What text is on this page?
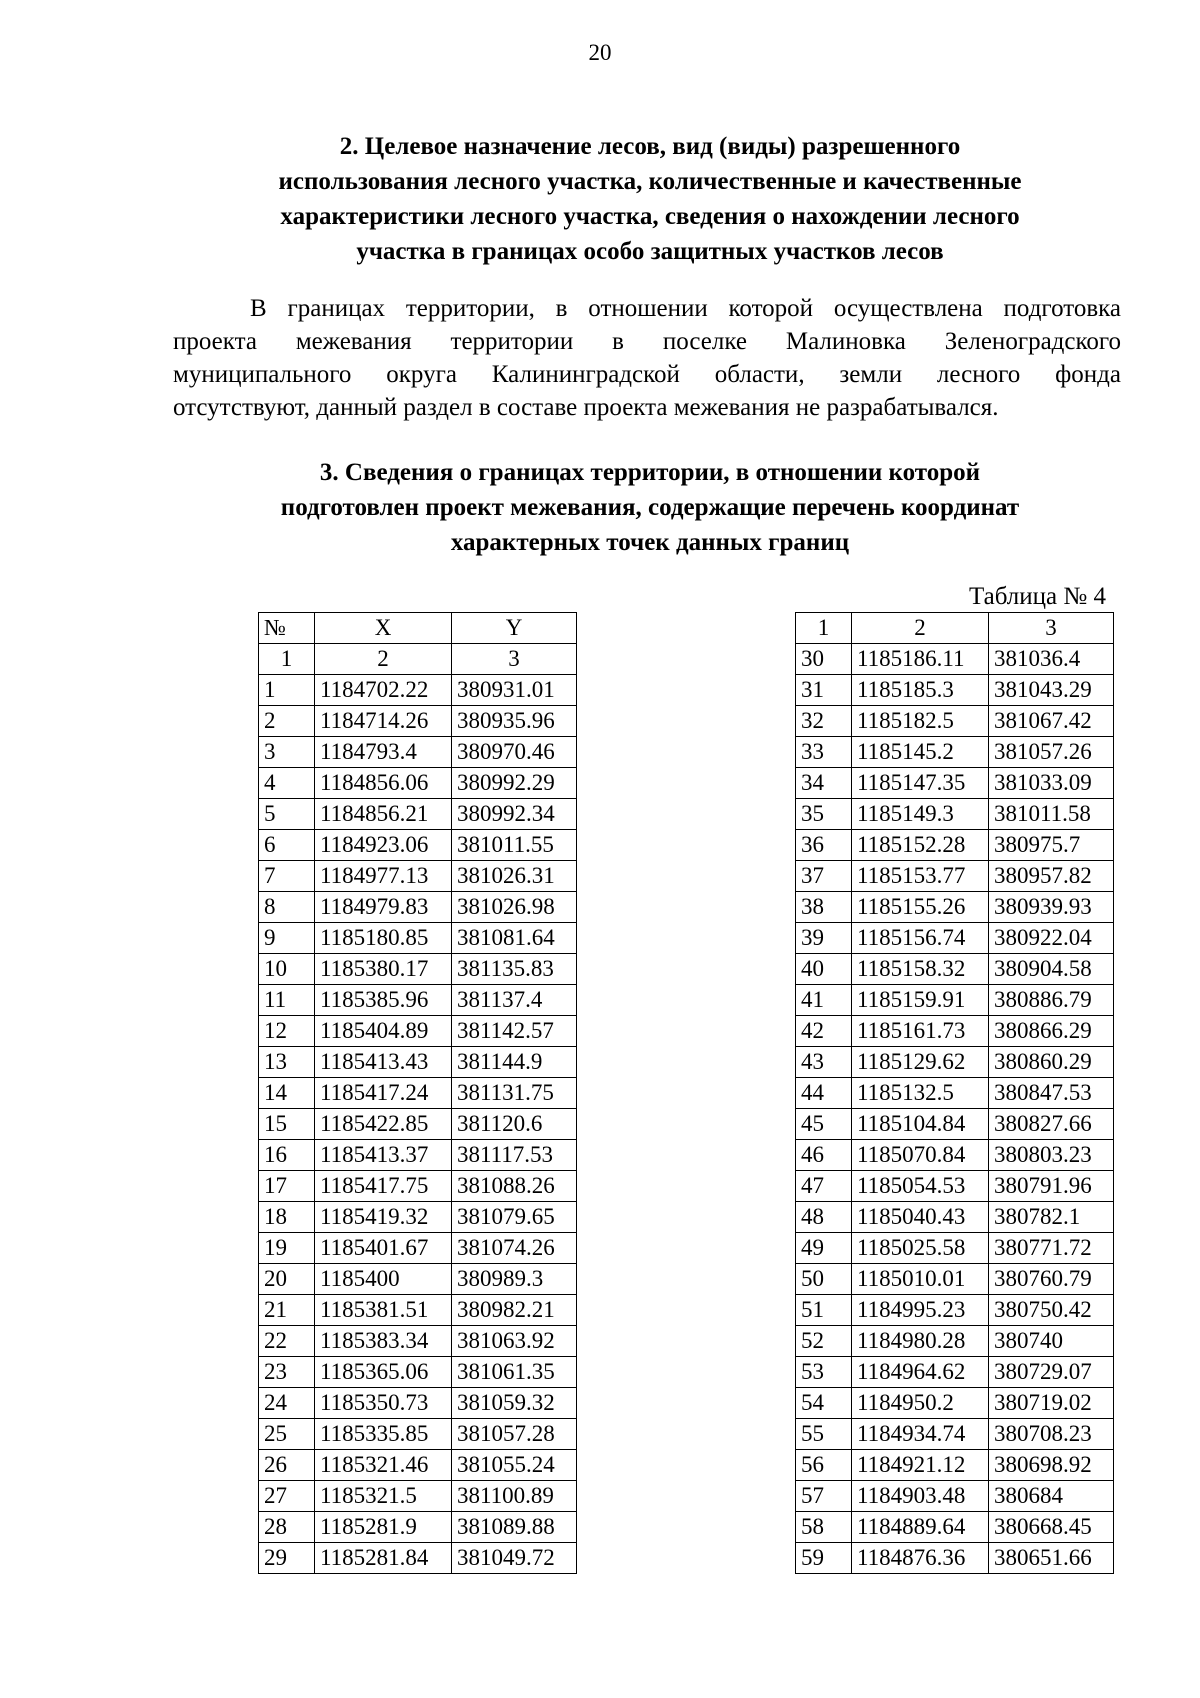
20
2. Целевое назначение лесов, вид (виды) разрешенного
использования лесного участка, количественные и качественные
характеристики лесного участка, сведения о нахождении лесного
участка в границах особо защитных участков лесов

В границах территории, в отношении которой осуществлена подготовка
проекта межевания территории в поселке Малиновка Зеленоградского
муниципального округа Калининградской области, земли лесного фонда
отсутствуют, данный раздел в составе проекта межевания не разрабатывался.

3. Сведения о границах территории, в отношении которой
подготовлен проект межевания, содержащие перечень координат
характерных точек данных границ
Таблица № 4
№	X	Y
1	2	3
1	1184702.22	380931.01
2	1184714.26	380935.96
3	1184793.4	380970.46
4	1184856.06	380992.29
5	1184856.21	380992.34
6	1184923.06	381011.55
7	1184977.13	381026.31
8	1184979.83	381026.98
9	1185180.85	381081.64
10	1185380.17	381135.83
11	1185385.96	381137.4
12	1185404.89	381142.57
13	1185413.43	381144.9
14	1185417.24	381131.75
15	1185422.85	381120.6
16	1185413.37	381117.53
17	1185417.75	381088.26
18	1185419.32	381079.65
19	1185401.67	381074.26
20	1185400	380989.3
21	1185381.51	380982.21
22	1185383.34	381063.92
23	1185365.06	381061.35
24	1185350.73	381059.32
25	1185335.85	381057.28
26	1185321.46	381055.24
27	1185321.5	381100.89
28	1185281.9	381089.88
29	1185281.84	381049.72
1	2	3
30	1185186.11	381036.4
31	1185185.3	381043.29
32	1185182.5	381067.42
33	1185145.2	381057.26
34	1185147.35	381033.09
35	1185149.3	381011.58
36	1185152.28	380975.7
37	1185153.77	380957.82
38	1185155.26	380939.93
39	1185156.74	380922.04
40	1185158.32	380904.58
41	1185159.91	380886.79
42	1185161.73	380866.29
43	1185129.62	380860.29
44	1185132.5	380847.53
45	1185104.84	380827.66
46	1185070.84	380803.23
47	1185054.53	380791.96
48	1185040.43	380782.1
49	1185025.58	380771.72
50	1185010.01	380760.79
51	1184995.23	380750.42
52	1184980.28	380740
53	1184964.62	380729.07
54	1184950.2	380719.02
55	1184934.74	380708.23
56	1184921.12	380698.92
57	1184903.48	380684
58	1184889.64	380668.45
59	1184876.36	380651.66
